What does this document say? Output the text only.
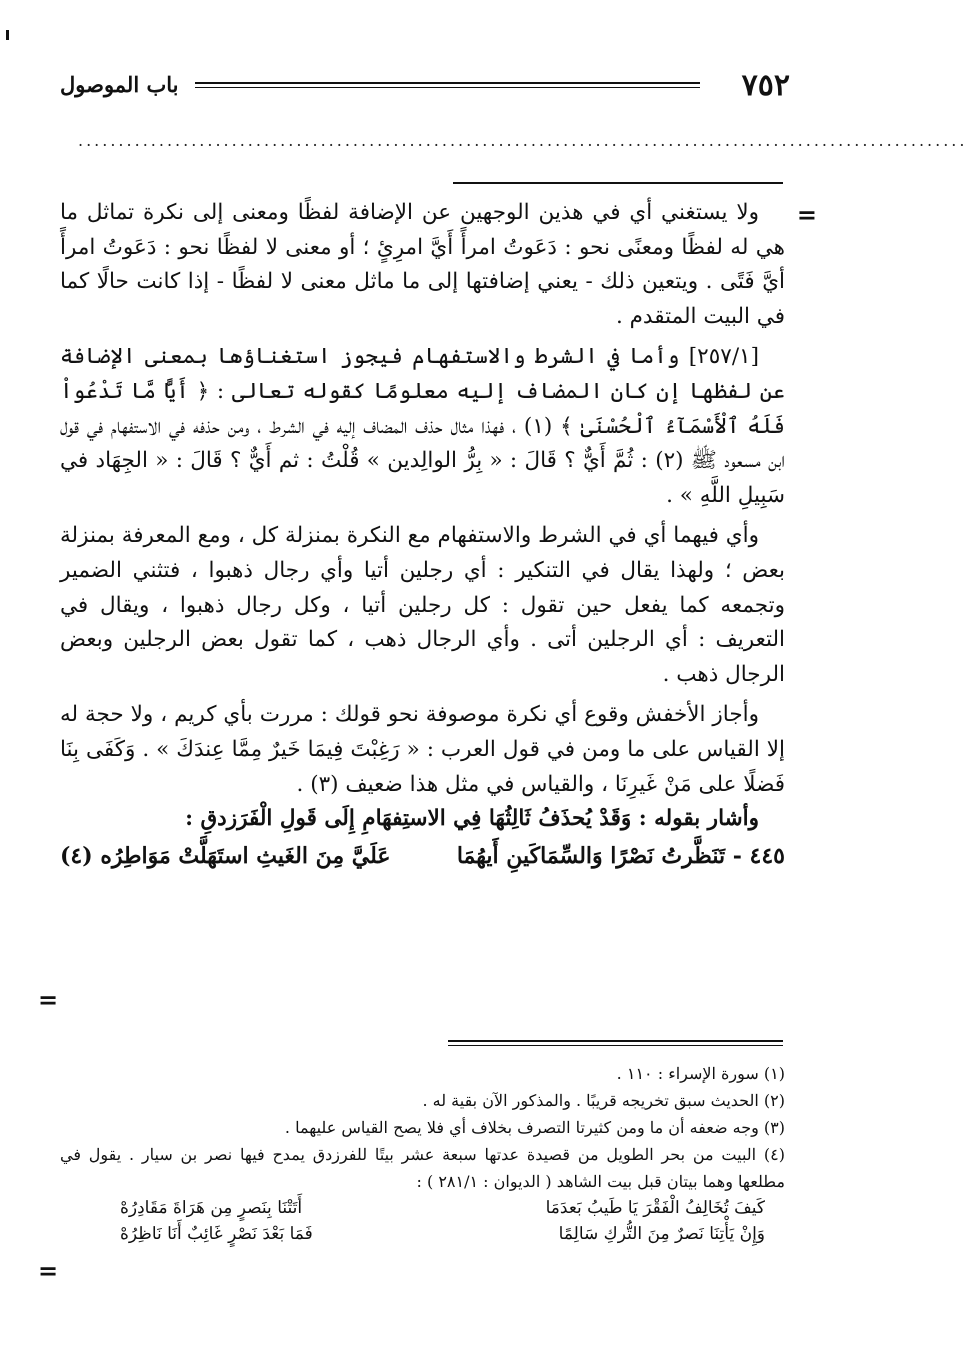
٧٥٢
باب الموصول
..............................................................................................................
=
=
=

ولا يستغني أي في هذين الوجهين عن الإضافة لفظًا ومعنى إلى نكرة تماثل ما هي له لفظًا ومعنًى نحو : دَعَوتُ امرأً أَيَّ امرِئٍ ؛ أو معنى لا لفظًا نحو : دَعَوتُ امرأً أيَّ فَتًى . ويتعين ذلك - يعني إضافتها إلى ما ماثل معنى لا لفظًا - إذا كانت حالًا كما في البيت المتقدم .

[٢٥٧/١] وأما في الشرط والاستفهام فيجوز استغناؤها بمعنى الإضافة عن لفظها إن كان المضاف إليه معلومًا كقوله تعالى : ﴿ أَيًّا مَّا تَدْعُواْ فَلَهُ ٱلْأَسْمَآءُ ٱلْحُسْنَىٰ ﴾ (١) ، فهذا مثال حذف المضاف إليه في الشرط ، ومن حذفه في الاستفهام في قول ابن مسعود ﷺ (٢) : ثُمَّ أَيٌّ ؟ قَالَ : « بِرُّ الوالِدين » قُلْتُ : ثم أَيٌّ ؟ قَالَ : « الجِهَاد في سَبِيلِ اللَّهِ » .

وأي فيهما أي في الشرط والاستفهام مع النكرة بمنزلة كل ، ومع المعرفة بمنزلة بعض ؛ ولهذا يقال في التنكير : أي رجلين أتيا وأي رجال ذهبوا ، فتثني الضمير وتجمعه كما يفعل حين تقول : كل رجلين أتيا ، وكل رجال ذهبوا ، ويقال في التعريف : أي الرجلين أتى . وأي الرجال ذهب ، كما تقول بعض الرجلين وبعض الرجال ذهب .

وأجاز الأخفش وقوع أي نكرة موصوفة نحو قولك : مررت بأي كريم ، ولا حجة له إلا القياس على ما ومن في قول العرب : « رَغِبْتَ فِيمَا خَيرٌ مِمَّا عِندَكَ » . وَكَفَى بِنَا فَضلًا على مَنْ غَيرِنَا ، والقياس في مثل هذا ضعيف (٣) .

وأشار بقوله : وَقَدْ يُحذَفُ ثَالِثُهَا فِي الاستِفهَامِ إِلَى قَولِ الْفَرَزدقِ :

٤٤٥ - تَنَظَّرتُ نَصْرًا وَالسِّمَاكَينِ أَيهُمَا
عَلَيَّ مِنَ الغَيثِ استَهَلَّتْ مَوَاطِرُه (٤)

(١) سورة الإسراء : ١١٠ .

(٢) الحديث سبق تخريجه قريبًا . والمذكور الآن بقية له .

(٣) وجه ضعفه أن ما ومن كثيرتا التصرف بخلاف أي فلا يصح القياس عليهما .

(٤) البيت من بحر الطويل من قصيدة عدتها سبعة عشر بيتًا للفرزدق يمدح فيها نصر بن سيار . يقول في مطلعها وهما بيتان قبل بيت الشاهد ( الديوان : ٢٨١/١ ) :

كَيفَ تُخَالِفُ الْفَقْرَ يَا طَيبُ بَعدَمَا
أَتَتْنَا بِنَصرٍ مِن هَرَاةَ مَقَادِرُهْ
وَإِنْ يَأْتِنَا نَصرٌ مِنَ التُّركِ سَالِمًا
فَمَا بَعْدَ نَصْرٍ غَائِبٌ أَنَا نَاظِرُهْ
